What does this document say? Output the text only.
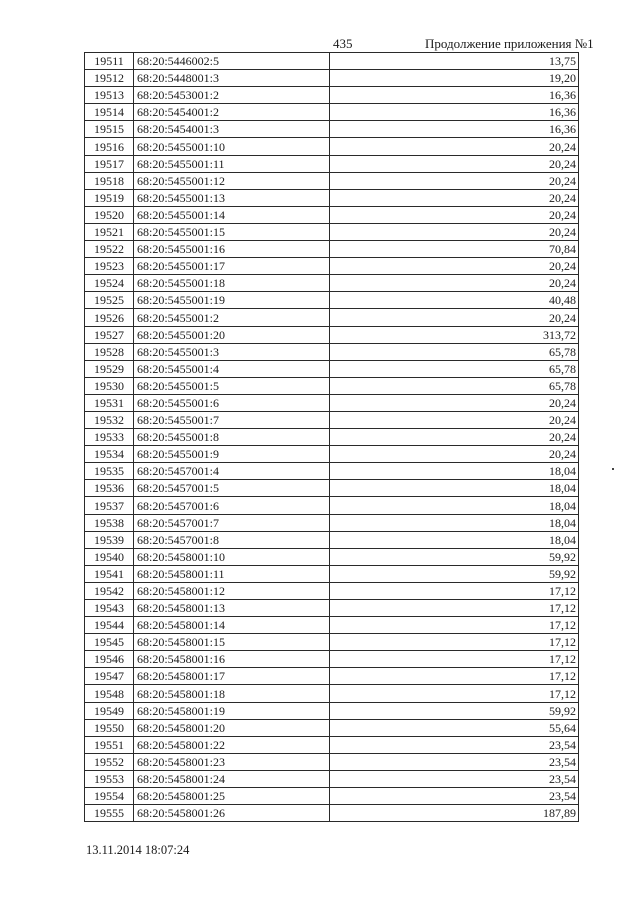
435	Продолжение приложения №1
19511	68:20:5446002:5	13,75
19512	68:20:5448001:3	19,20
19513	68:20:5453001:2	16,36
19514	68:20:5454001:2	16,36
19515	68:20:5454001:3	16,36
19516	68:20:5455001:10	20,24
19517	68:20:5455001:11	20,24
19518	68:20:5455001:12	20,24
19519	68:20:5455001:13	20,24
19520	68:20:5455001:14	20,24
19521	68:20:5455001:15	20,24
19522	68:20:5455001:16	70,84
19523	68:20:5455001:17	20,24
19524	68:20:5455001:18	20,24
19525	68:20:5455001:19	40,48
19526	68:20:5455001:2	20,24
19527	68:20:5455001:20	313,72
19528	68:20:5455001:3	65,78
19529	68:20:5455001:4	65,78
19530	68:20:5455001:5	65,78
19531	68:20:5455001:6	20,24
19532	68:20:5455001:7	20,24
19533	68:20:5455001:8	20,24
19534	68:20:5455001:9	20,24
19535	68:20:5457001:4	18,04
19536	68:20:5457001:5	18,04
19537	68:20:5457001:6	18,04
19538	68:20:5457001:7	18,04
19539	68:20:5457001:8	18,04
19540	68:20:5458001:10	59,92
19541	68:20:5458001:11	59,92
19542	68:20:5458001:12	17,12
19543	68:20:5458001:13	17,12
19544	68:20:5458001:14	17,12
19545	68:20:5458001:15	17,12
19546	68:20:5458001:16	17,12
19547	68:20:5458001:17	17,12
19548	68:20:5458001:18	17,12
19549	68:20:5458001:19	59,92
19550	68:20:5458001:20	55,64
19551	68:20:5458001:22	23,54
19552	68:20:5458001:23	23,54
19553	68:20:5458001:24	23,54
19554	68:20:5458001:25	23,54
19555	68:20:5458001:26	187,89
13.11.2014 18:07:24
